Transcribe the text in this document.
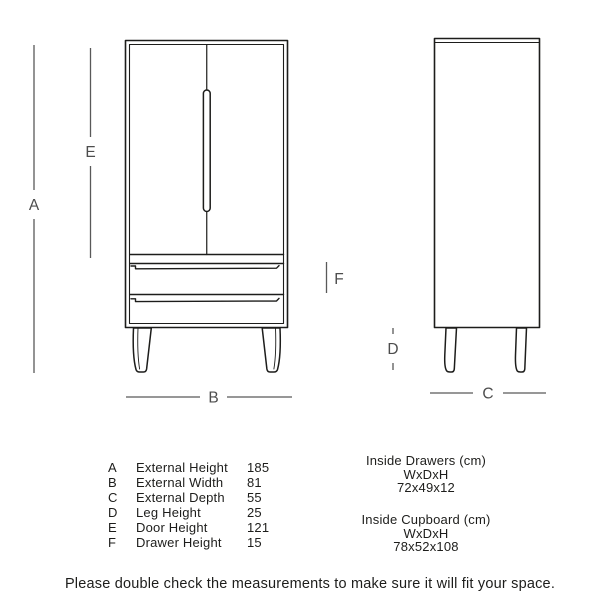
A
E
B
F
D
C
A	External Height	185
B	External Width	81
C	External Depth	55
D	Leg Height	25
E	Door Height	121
F	Drawer Height	15
Inside Drawers (cm)
WxDxH
72x49x12
Inside Cupboard (cm)
WxDxH
78x52x108
Please double check the measurements to make sure it will fit your space.
